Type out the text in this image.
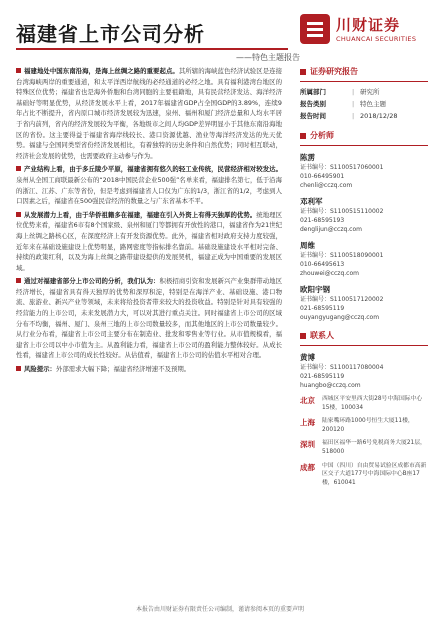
福建省上市公司分析
——特色主题报告
川财证券
CHUANCAI SECURITIES

福建地处中国东南沿海，是海上丝绸之路的重要起点。其所辖的海峡蓝色经济试验区是连接台湾海峡两岸的重要通道，和太平洋西岸航线的必经通道的必经之地。具有福利港湾台地区的特殊区位优势；福建省也是海外侨胞和台湾同胞的主要祖籍地，具有民营经济发达、海洋经济基础好等明显优势，从经济发展水平上看，2017年福建省GDP占全国GDP的3.89%，连续9年占比不断提升，省内原口城市经济发展较为迅速，泉州、福州和厦门经济总量和人均水平居于省内前列，省内的经济发展较为平衡，各地级市之间人均GDP差异明显小于其他东南沿海地区的省份。这主要得益于福建省海岸线较长、港口资源优越、渔业等海洋经济发达的先天优势。福建与全国同类型省份经济发展相比，有着独特的历史条件和自然优势；同时相互联动，经济社会发展的优势，也需要政府主动参与作为。

产业结构上看，由于多丘陵少平原，福建省拥有悠久的轻工业传统，民营经济相对较发达。泉州从全国工商联最新公布的“2018中国民营企业500强”名单来看，福建排名第七，低于沿海的浙江、江苏、广东等省份，但是考虑到福建省人口仅为广东的1/3，浙江省的1/2，考虑到人口因素之后，福建省在500强民营经济的数量之与广东省基本不平。

从发展潜力上看，由于华侨祖籍多在福建，福建在引入外资上有得天独厚的优势。统地理区位优势来看，福建省6市有8个国家级、泉州和厦门等都拥有开放性的港口，福建省作为21世纪海上丝绸之路核心区，在深度经济上有开发资源优势。此外，福建省相对政府支持力度较强，近年来在基础设施建设上优势明显，路网密度等指标排名靠前。基础设施建设水平相对完备、持续的政策红利，以及为海上丝绸之路带建设提供的发展契机，福建正成为中国重要的发展区域。

通过对福建省部分上市公司的分析，我们认为：积极招商引资和发展新兴产业集群带动地区经济增长，福建省具有得天独厚的优势和深厚积淀，特别是在海洋产业、基础设施、港口物流、旅游业、新兴产业等领域，未来将给投资者带来较大的投资收益。特别是针对具有较强的经营能力的上市公司，未来发展潜力大，可以对其进行重点关注。同时福建省上市公司的区域分布不均衡，福州、厦门、泉州三地的上市公司数量较多，而其他地区的上市公司数量较少。从行业分布看，福建省上市公司主要分布在制造业、批发和零售业等行业。从市值规模看，福建省上市公司以中小市值为主。从盈利能力看，福建省上市公司的盈利能力整体较好。从成长性看，福建省上市公司的成长性较好。从估值看，福建省上市公司的估值水平相对合理。

风险提示：外部需求大幅下降；福建省经济增速不及预期。

证券研究报告
所属部门	| 研究所
报告类别	| 特色主题
报告时间	| 2018/12/28
分析师
陈雳
证书编号：S1100517060001
010-66495901
chenli@cczq.com
邓利军
证书编号：S1100515110002
021-68595193
denglijun@cczq.com
周维
证书编号：S1100518090001
010-66495613
zhouwei@cczq.com
欧阳宇钢
证书编号：S1100517120002
021-68595119
ouyangyugang@cczq.com
联系人
黄博
证书编号：S1100117080004
021-68595119
huangbo@cczq.com
北京	西城区平安里西大街28号中海国际中心15楼，100034
上海	陆家嘴环路1000号恒生大厦11楼，200120
深圳	福田区福华一路6号免税商务大厦21层，518000
成都	中国（四川）自由贸易试验区成都市高新区交子大道177号中海国际中心B座17楼，610041
本报告由川财证券有限责任公司编制，谨请参阅本页的重要声明
